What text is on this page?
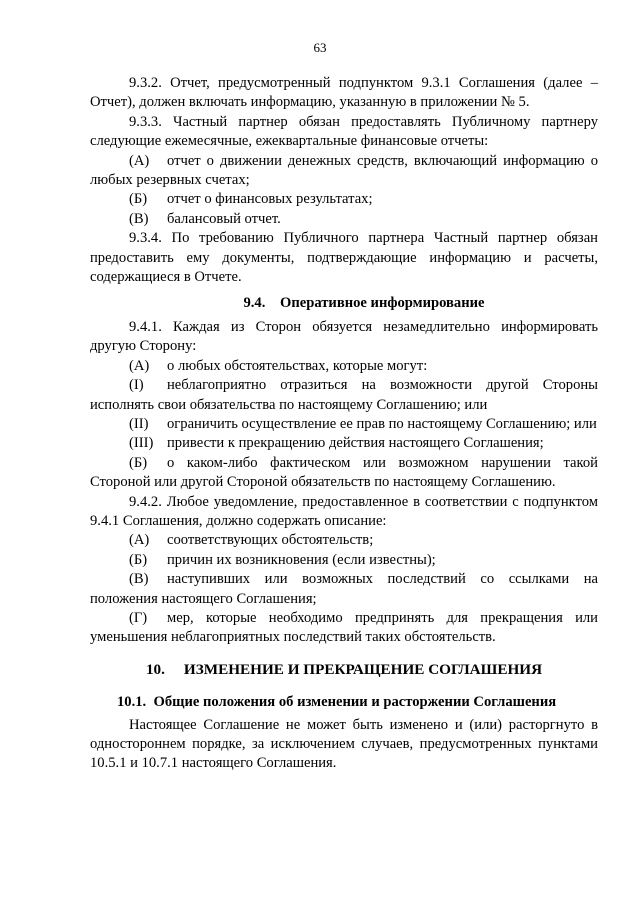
63

9.3.2. Отчет, предусмотренный подпунктом 9.3.1 Соглашения (далее – Отчет), должен включать информацию, указанную в приложении № 5.

9.3.3. Частный партнер обязан предоставлять Публичному партнеру следующие ежемесячные, ежеквартальные финансовые отчеты:

(А) отчет о движении денежных средств, включающий информацию о любых резервных счетах;

(Б) отчет о финансовых результатах;

(В) балансовый отчет.

9.3.4. По требованию Публичного партнера Частный партнер обязан предоставить ему документы, подтверждающие информацию и расчеты, содержащиеся в Отчете.

9.4.    Оперативное информирование

9.4.1. Каждая из Сторон обязуется незамедлительно информировать другую Сторону:

(А) о любых обстоятельствах, которые могут:

(I) неблагоприятно отразиться на возможности другой Стороны исполнять свои обязательства по настоящему Соглашению; или

(II) ограничить осуществление ее прав по настоящему Соглашению; или

(III) привести к прекращению действия настоящего Соглашения;

(Б) о каком-либо фактическом или возможном нарушении такой Стороной или другой Стороной обязательств по настоящему Соглашению.

9.4.2. Любое уведомление, предоставленное в соответствии с подпунктом 9.4.1 Соглашения, должно содержать описание:

(А) соответствующих обстоятельств;

(Б) причин их возникновения (если известны);

(В) наступивших или возможных последствий со ссылками на положения настоящего Соглашения;

(Г) мер, которые необходимо предпринять для прекращения или уменьшения неблагоприятных последствий таких обстоятельств.

10.     ИЗМЕНЕНИЕ И ПРЕКРАЩЕНИЕ СОГЛАШЕНИЯ

10.1.  Общие положения об изменении и расторжении Соглашения

Настоящее Соглашение не может быть изменено и (или) расторгнуто в одностороннем порядке, за исключением случаев, предусмотренных пунктами 10.5.1 и 10.7.1 настоящего Соглашения.
